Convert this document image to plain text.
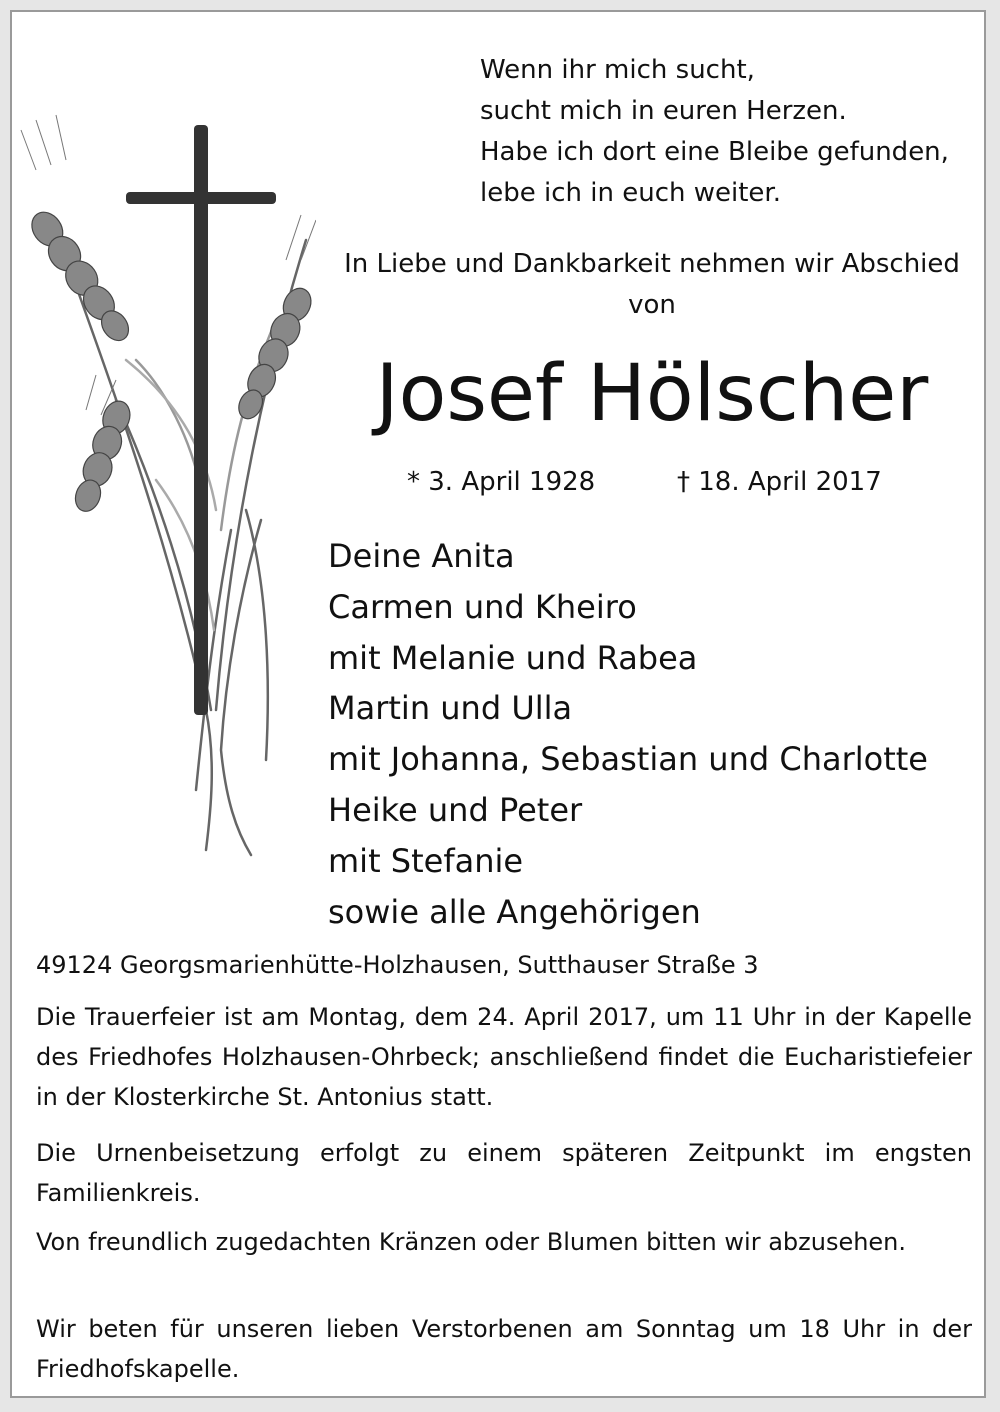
Wenn ihr mich sucht,
sucht mich in euren Herzen.
Habe ich dort eine Bleibe gefunden,
lebe ich in euch weiter.
In Liebe und Dankbarkeit nehmen wir Abschied
von
Josef Hölscher
* 3. April 1928	† 18. April 2017
Deine Anita
Carmen und Kheiro
mit Melanie und Rabea
Martin und Ulla
mit Johanna, Sebastian und Charlotte
Heike und Peter
mit Stefanie
sowie alle Angehörigen
49124 Georgsmarienhütte-Holzhausen, Sutthauser Straße 3
Die Trauerfeier ist am Montag, dem 24. April 2017, um 11 Uhr in der Kapelle des Friedhofes Holzhausen-Ohrbeck; anschließend findet die Eucharistiefeier in der Klosterkirche St. Antonius statt.
Die Urnenbeisetzung erfolgt zu einem späteren Zeitpunkt im engsten Familienkreis.
Von freundlich zugedachten Kränzen oder Blumen bitten wir abzusehen.
Wir beten für unseren lieben Verstorbenen am Sonntag um 18 Uhr in der Friedhofskapelle.
